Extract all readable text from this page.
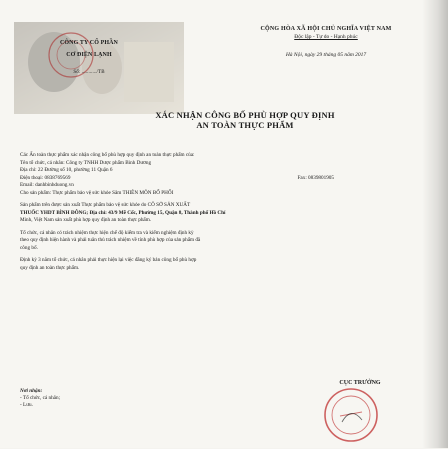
CÔNG TY CỔ PHẦN
CƠ ĐIỆN LẠNH
Số: .........../TB
CỘNG HÒA XÃ HỘI CHỦ NGHĨA VIỆT NAM
Độc lập - Tự do - Hạnh phúc
Hà Nội, ngày 29 tháng 05 năm 2017
XÁC NHẬN CÔNG BỐ PHÙ HỢP QUY ĐỊNH
AN TOÀN THỰC PHẨM

Các Ấn toàn thực phẩm xác nhận công bố phù hợp quy định an toàn thực phẩm của:

Tên tổ chức, cá nhân: Công ty TNHH Dược phẩm Bình Dương

Địa chỉ: 22 Đường số 10, phường 11 Quận 6

Điện thoại: 0838769569	Fax: 0839801905

Email: danhbinhduong.vn

Cho sản phẩm: Thực phẩm bảo vệ sức khỏe Sâm THIÊN MÔN BỔ PHỔI

Sản phẩm trên được sản xuất Thực phẩm bảo vệ sức khỏe do CÔ SỞ SẢN XUẤT

THUỐC YHDT BÌNH ĐÔNG; Địa chỉ: 43/9 Mễ Cốc, Phường 15, Quận 8, Thành phố Hồ Chí

Minh, Việt Nam sản xuất phù hợp quy định an toàn thực phẩm.

Tổ chức, cá nhân có trách nhiệm thực hiện chế độ kiểm tra và kiểm nghiệm định kỳ

theo quy định hiện hành và phải tuân thủ trách nhiệm về tính phù hợp của sản phẩm đã

công bố.

Định kỳ 3 năm tổ chức, cá nhân phải thực hiện lại việc đăng ký bản công bố phù hợp

quy định an toàn thực phẩm.

Nơi nhận:
- Tổ chức, cá nhân;
- Lưu.
CỤC TRƯỞNG
